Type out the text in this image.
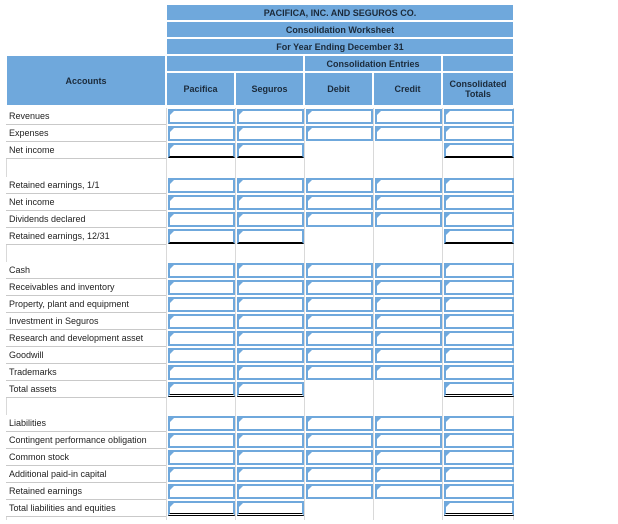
PACIFICA, INC. AND SEGUROS CO.
Consolidation Worksheet
For Year Ending December 31
Accounts
Consolidation Entries
Pacifica	Seguros	Debit	Credit	Consolidated Totals
Revenues
Expenses
Net income
Retained earnings, 1/1
Net income
Dividends declared
Retained earnings, 12/31
Cash
Receivables and inventory
Property, plant and equipment
Investment in Seguros
Research and development asset
Goodwill
Trademarks
Total assets
Liabilities
Contingent performance obligation
Common stock
Additional paid-in capital
Retained earnings
Total liabilities and equities
